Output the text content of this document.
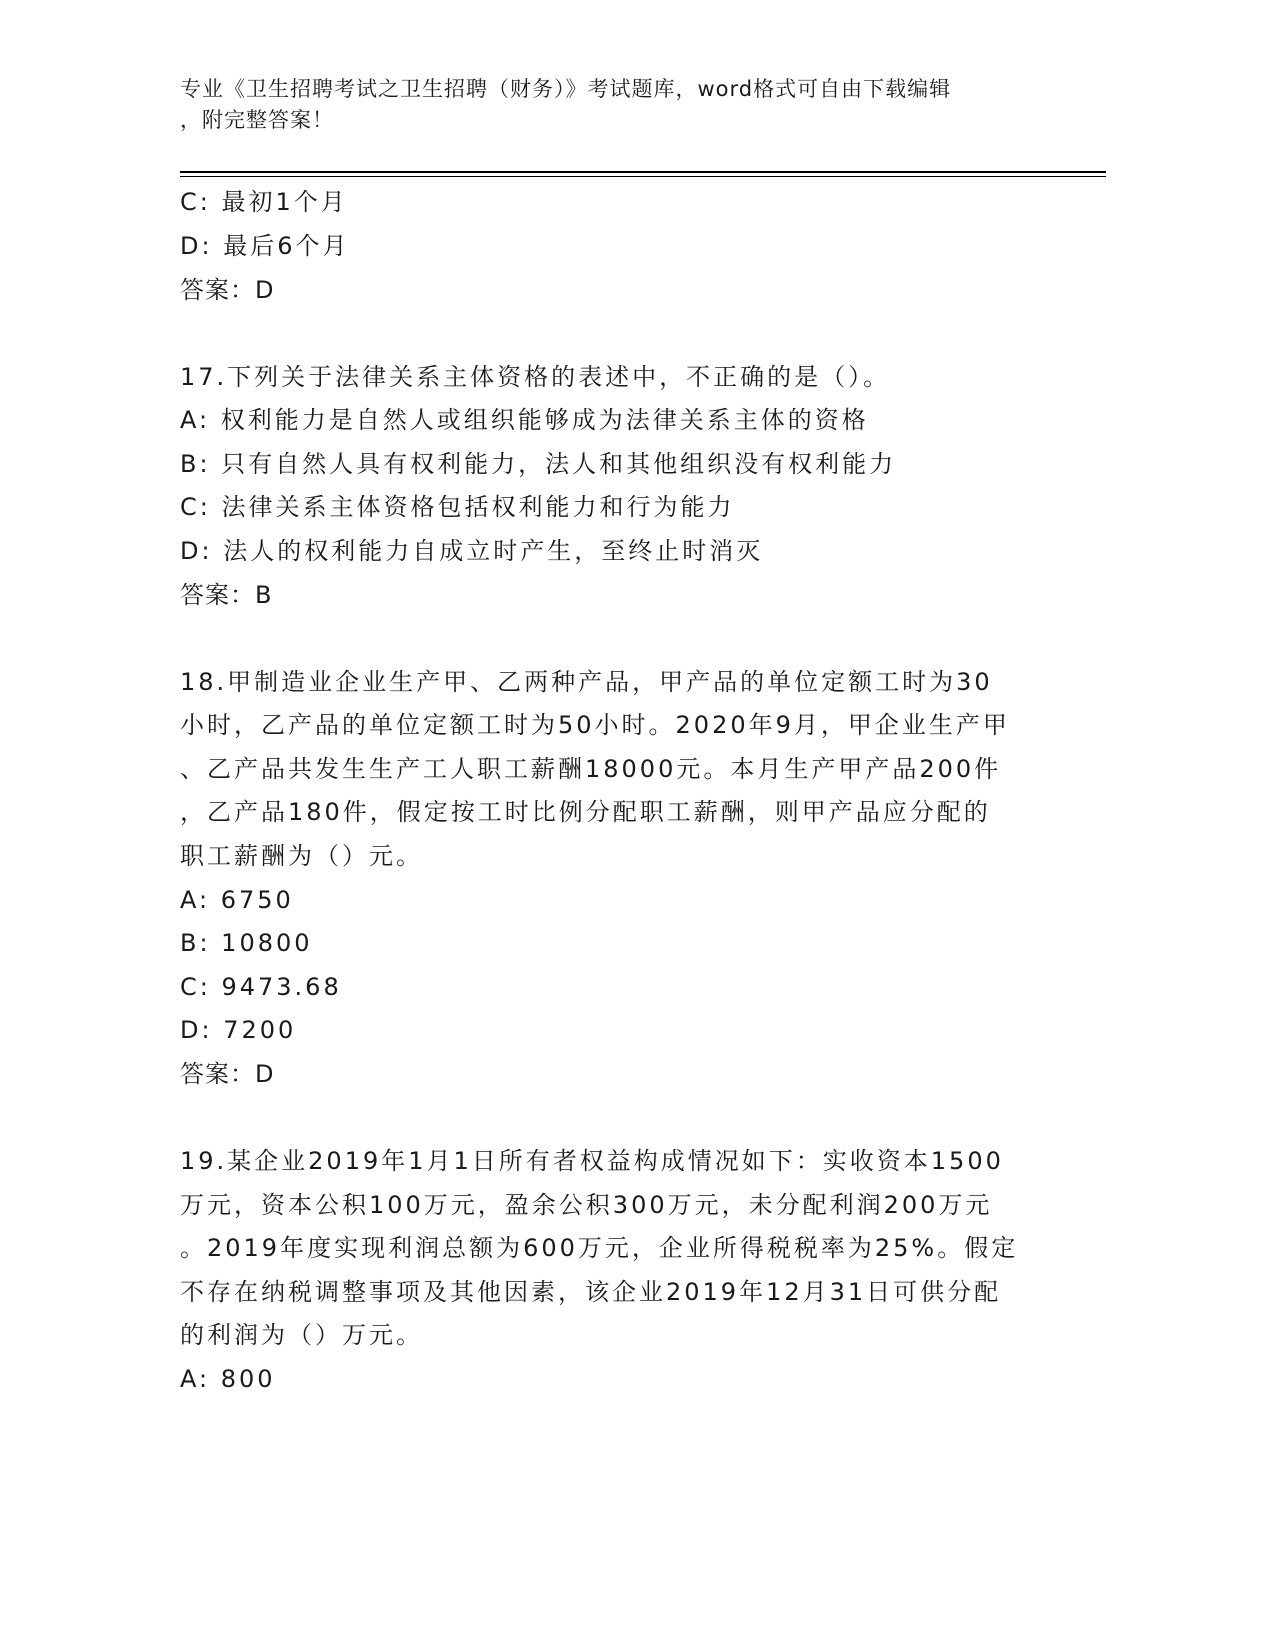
专业《卫生招聘考试之卫生招聘（财务）》考试题库，word格式可自由下载编辑
，附完整答案！
C: 最初1个月
D: 最后6个月
答案：D
17.下列关于法律关系主体资格的表述中，不正确的是（）。
A: 权利能力是自然人或组织能够成为法律关系主体的资格
B: 只有自然人具有权利能力，法人和其他组织没有权利能力
C: 法律关系主体资格包括权利能力和行为能力
D: 法人的权利能力自成立时产生，至终止时消灭
答案：B
18.甲制造业企业生产甲、乙两种产品，甲产品的单位定额工时为30
小时，乙产品的单位定额工时为50小时。2020年9月，甲企业生产甲
、乙产品共发生生产工人职工薪酬18000元。本月生产甲产品200件
，乙产品180件，假定按工时比例分配职工薪酬，则甲产品应分配的
职工薪酬为（）元。
A: 6750
B: 10800
C: 9473.68
D: 7200
答案：D
19.某企业2019年1月1日所有者权益构成情况如下：实收资本1500
万元，资本公积100万元，盈余公积300万元，未分配利润200万元
。2019年度实现利润总额为600万元，企业所得税税率为25%。假定
不存在纳税调整事项及其他因素，该企业2019年12月31日可供分配
的利润为（）万元。
A: 800
